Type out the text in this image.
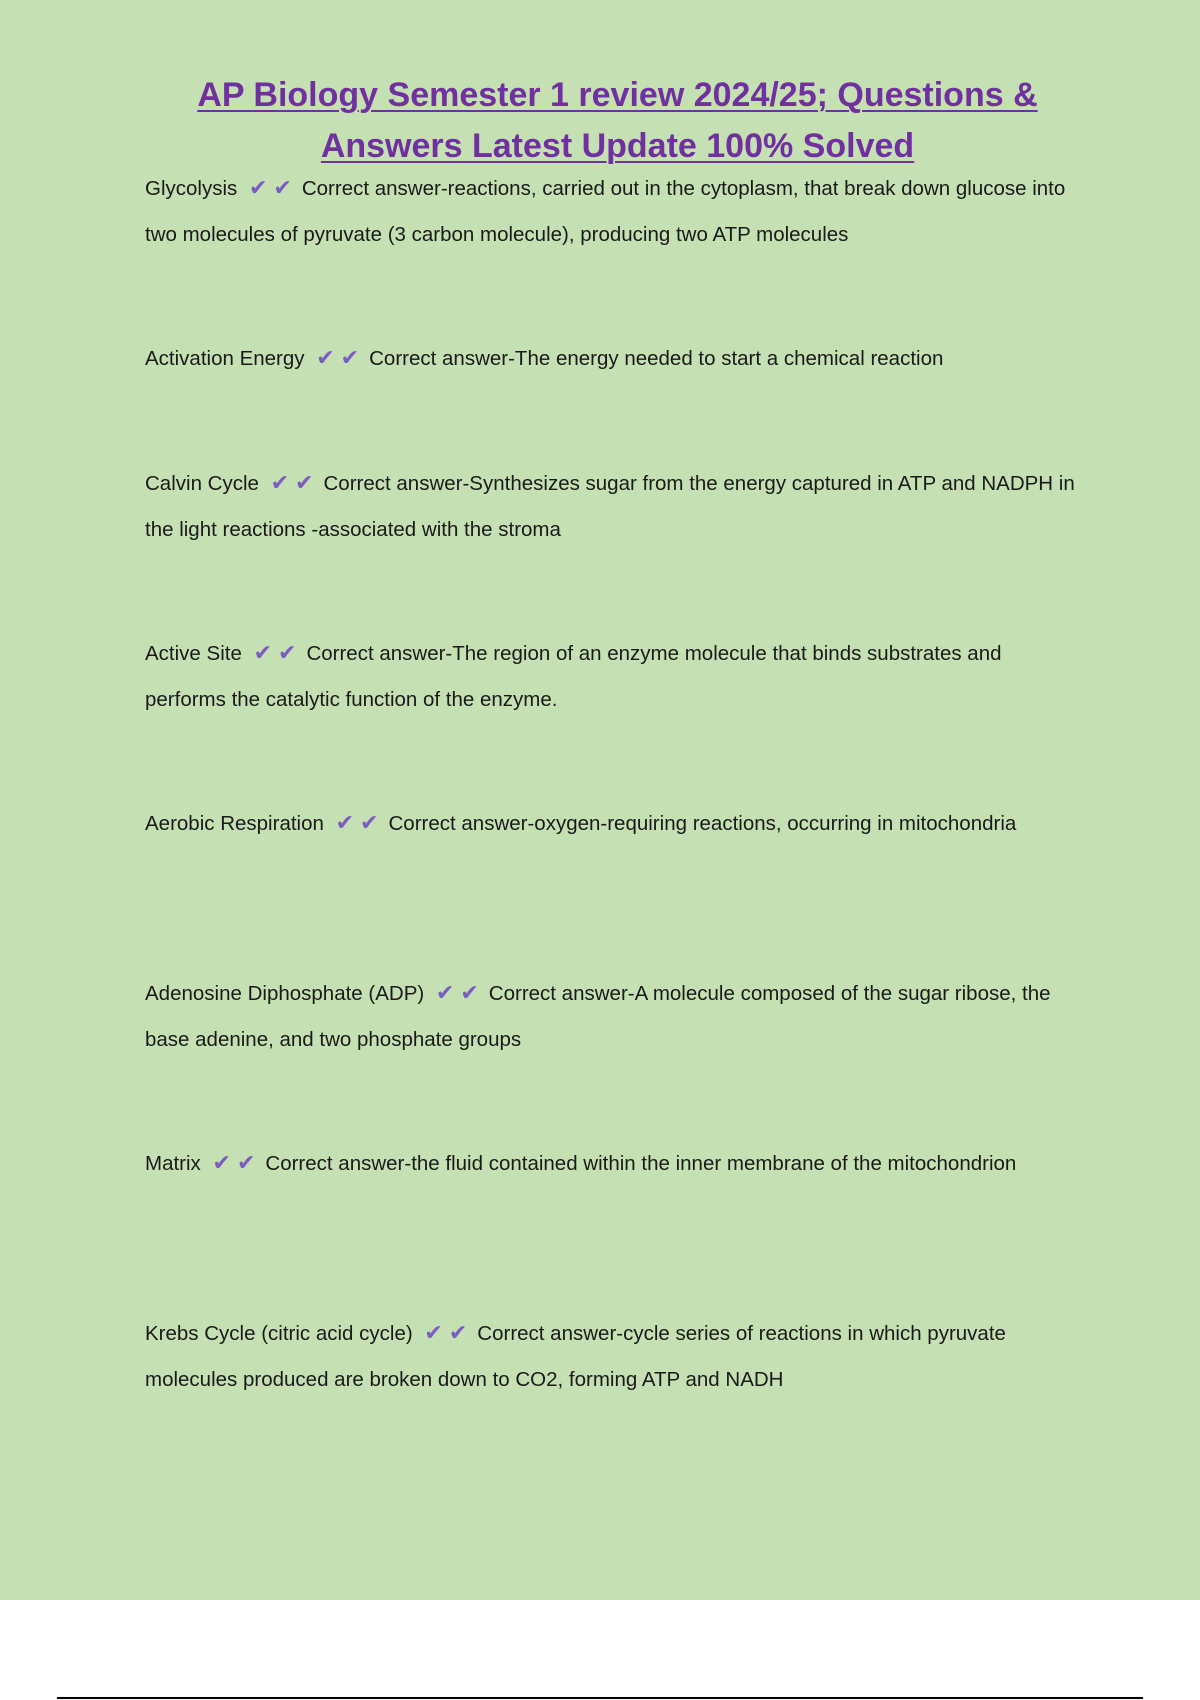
AP Biology Semester 1 review 2024/25; Questions &
Answers Latest Update 100% Solved
Glycolysis ✔✔ Correct answer-reactions, carried out in the cytoplasm, that break down glucose into two molecules of pyruvate (3 carbon molecule), producing two ATP molecules
Activation Energy ✔✔ Correct answer-The energy needed to start a chemical reaction
Calvin Cycle ✔✔ Correct answer-Synthesizes sugar from the energy captured in ATP and NADPH in the light reactions -associated with the stroma
Active Site ✔✔ Correct answer-The region of an enzyme molecule that binds substrates and performs the catalytic function of the enzyme.
Aerobic Respiration ✔✔ Correct answer-oxygen-requiring reactions, occurring in mitochondria
Adenosine Diphosphate (ADP) ✔✔ Correct answer-A molecule composed of the sugar ribose, the base adenine, and two phosphate groups
Matrix ✔✔ Correct answer-the fluid contained within the inner membrane of the mitochondrion
Krebs Cycle (citric acid cycle) ✔✔ Correct answer-cycle series of reactions in which pyruvate molecules produced are broken down to CO2, forming ATP and NADH
